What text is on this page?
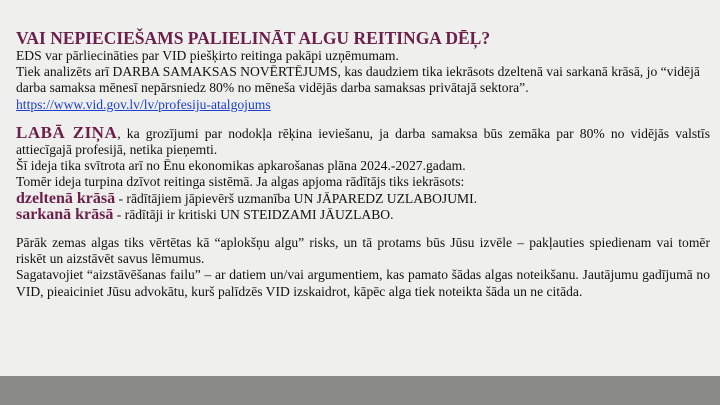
VAI NEPIECIEŠAMS PALIELINĀT ALGU REITINGA DĒĻ?

EDS var pārliecināties par VID piešķirto reitinga pakāpi uzņēmumam.

Tiek analizēts arī DARBA SAMAKSAS NOVĒRTĒJUMS, kas daudziem tika iekrāsots dzeltenā vai sarkanā krāsā, jo “vidējā darba samaksa mēnesī nepārsniedz 80% no mēneša vidējās darba samaksas privātajā sektora”.

https://www.vid.gov.lv/lv/profesiju-atalgojums

LABĀ ZIŅA, ka grozījumi par nodokļa rēķina ieviešanu, ja darba samaksa būs zemāka par 80% no vidējās valstīs attiecīgajā profesijā, netika pieņemti.

Šī ideja tika svītrota arī no Ēnu ekonomikas apkarošanas plāna 2024.-2027.gadam.

Tomēr ideja turpina dzīvot reitinga sistēmā. Ja algas apjoma rādītājs tiks iekrāsots:

dzeltenā krāsā - rādītājiem jāpievērš uzmanība UN JĀPAREDZ UZLABOJUMI.

sarkanā krāsā - rādītāji ir kritiski UN STEIDZAMI JĀUZLABO.

Pārāk zemas algas tiks vērtētas kā “aplokšņu algu” risks, un tā protams būs Jūsu izvēle – pakļauties spiedienam vai tomēr riskēt un aizstāvēt savus lēmumus.

Sagatavojiet “aizstāvēšanas failu” – ar datiem un/vai argumentiem, kas pamato šādas algas noteikšanu. Jautājumu gadījumā no VID, pieaiciniet Jūsu advokātu, kurš palīdzēs VID izskaidrot, kāpēc alga tiek noteikta šāda un ne citāda.
